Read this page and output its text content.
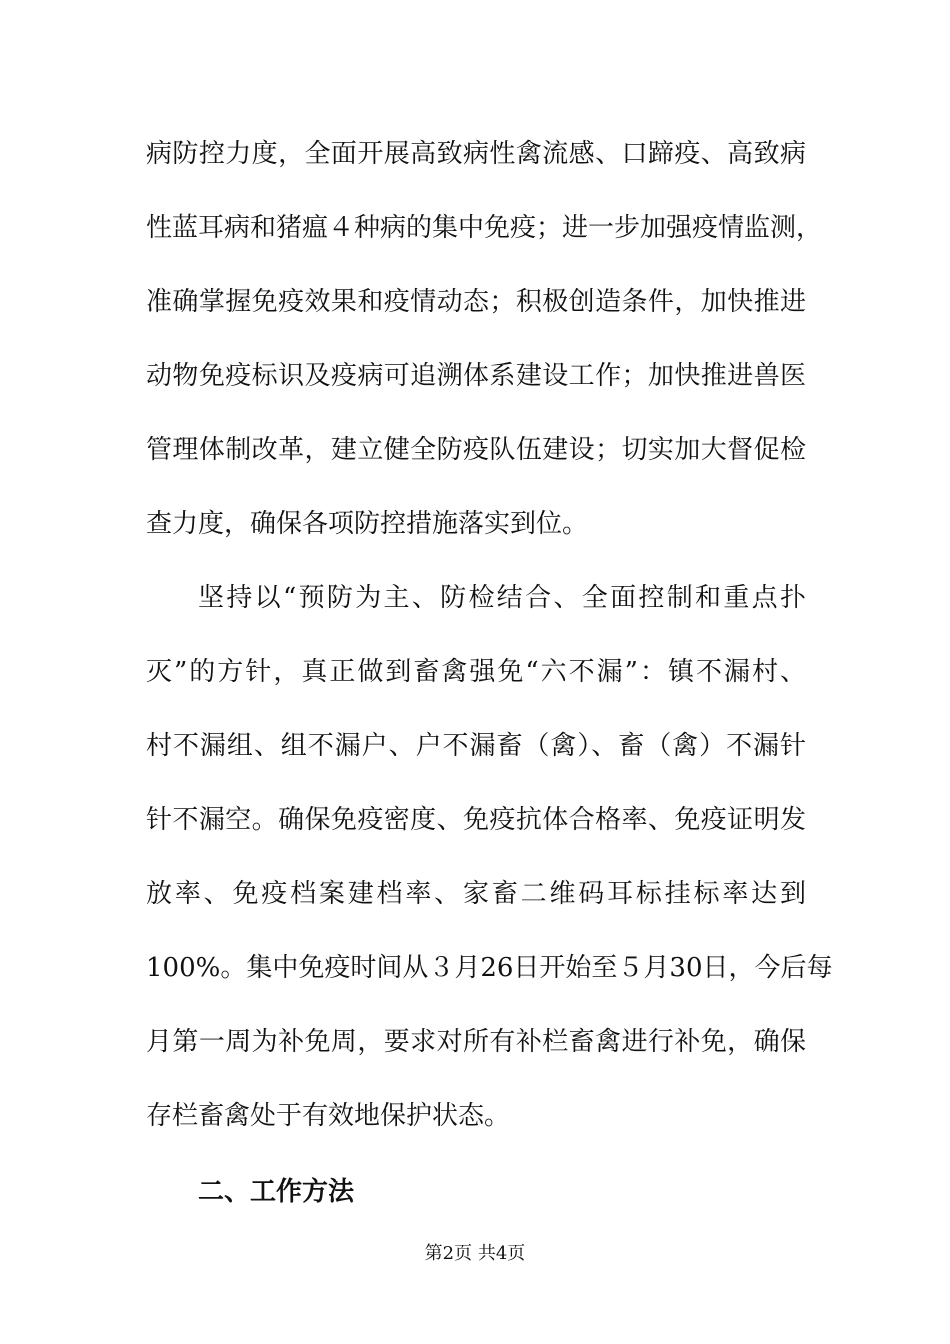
病防控力度，全面开展高致病性禽流感、口蹄疫、高致病
性蓝耳病和猪瘟４种病的集中免疫；进一步加强疫情监测，
准确掌握免疫效果和疫情动态；积极创造条件，加快推进
动物免疫标识及疫病可追溯体系建设工作；加快推进兽医
管理体制改革，建立健全防疫队伍建设；切实加大督促检
查力度，确保各项防控措施落实到位。
坚持以“预防为主、防检结合、全面控制和重点扑
灭”的方针，真正做到畜禽强免“六不漏”：镇不漏村、
村不漏组、组不漏户、户不漏畜（禽）、畜（禽）不漏针
针不漏空。确保免疫密度、免疫抗体合格率、免疫证明发
放率、免疫档案建档率、家畜二维码耳标挂标率达到
100%。集中免疫时间从３月26日开始至５月30日，今后每
月第一周为补免周，要求对所有补栏畜禽进行补免，确保
存栏畜禽处于有效地保护状态。
二、工作方法
第2页 共4页
